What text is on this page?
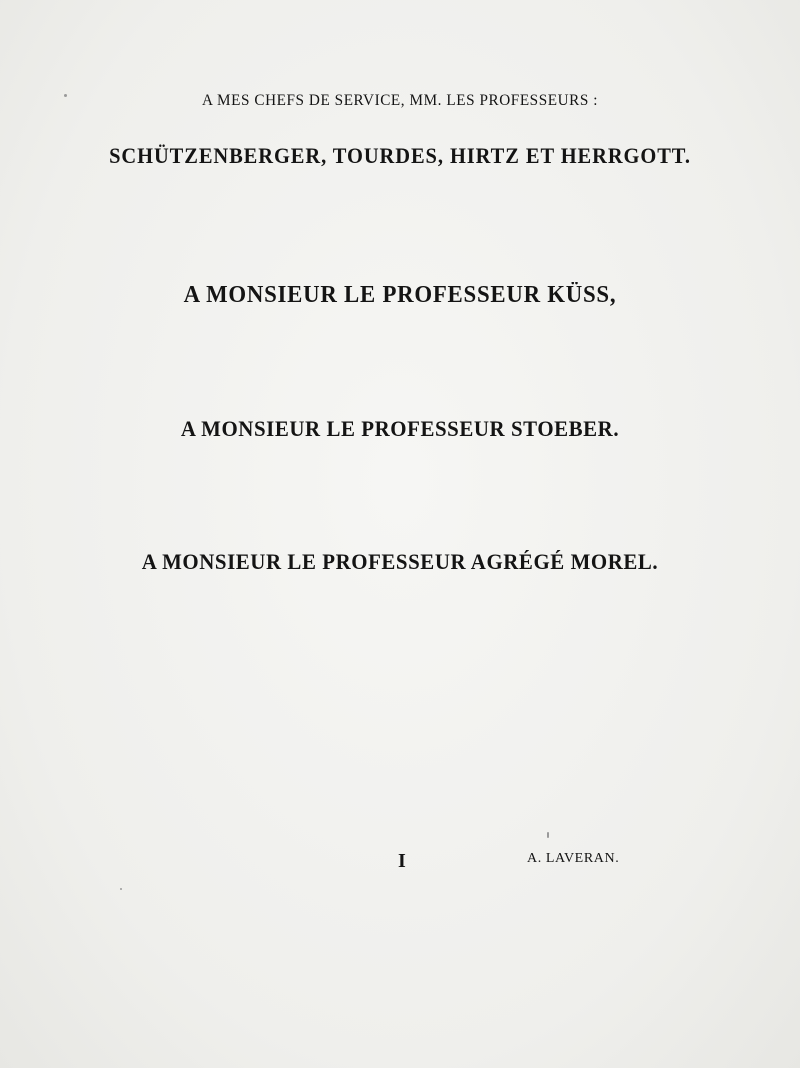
A MES CHEFS DE SERVICE, MM. LES PROFESSEURS :
SCHÜTZENBERGER, TOURDES, HIRTZ ET HERRGOTT.
A MONSIEUR LE PROFESSEUR KÜSS,
A MONSIEUR LE PROFESSEUR STOEBER.
A MONSIEUR LE PROFESSEUR AGRÉGÉ MOREL.
I	A. LAVERAN.
